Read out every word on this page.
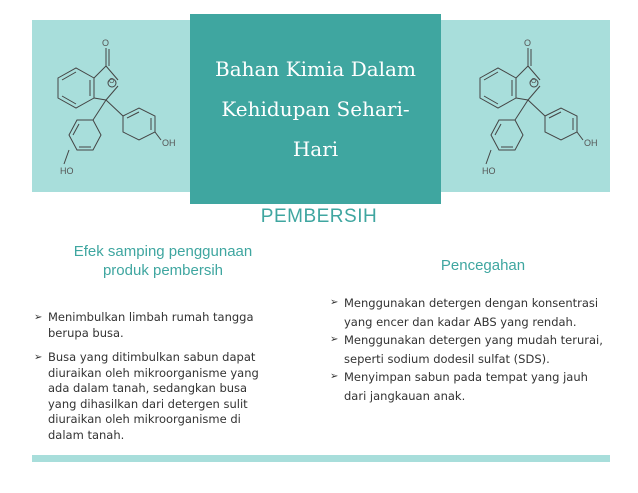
O
O
OH
HO
O
O
OH
HO
Bahan Kimia Dalam
Kehidupan Sehari-
Hari
PEMBERSIH
Efek samping penggunaan
produk pembersih	Pencegahan
➢ Menimbulkan limbah rumah tangga berupa busa.
➢ Busa yang ditimbulkan sabun dapat diuraikan oleh mikroorganisme yang ada dalam tanah, sedangkan busa yang dihasilkan dari detergen sulit diuraikan oleh mikroorganisme di dalam tanah.
➢ Menggunakan detergen dengan konsentrasi yang encer dan kadar ABS yang rendah.
➢ Menggunakan detergen yang mudah terurai, seperti sodium dodesil sulfat (SDS).
➢ Menyimpan sabun pada tempat yang jauh dari jangkauan anak.
